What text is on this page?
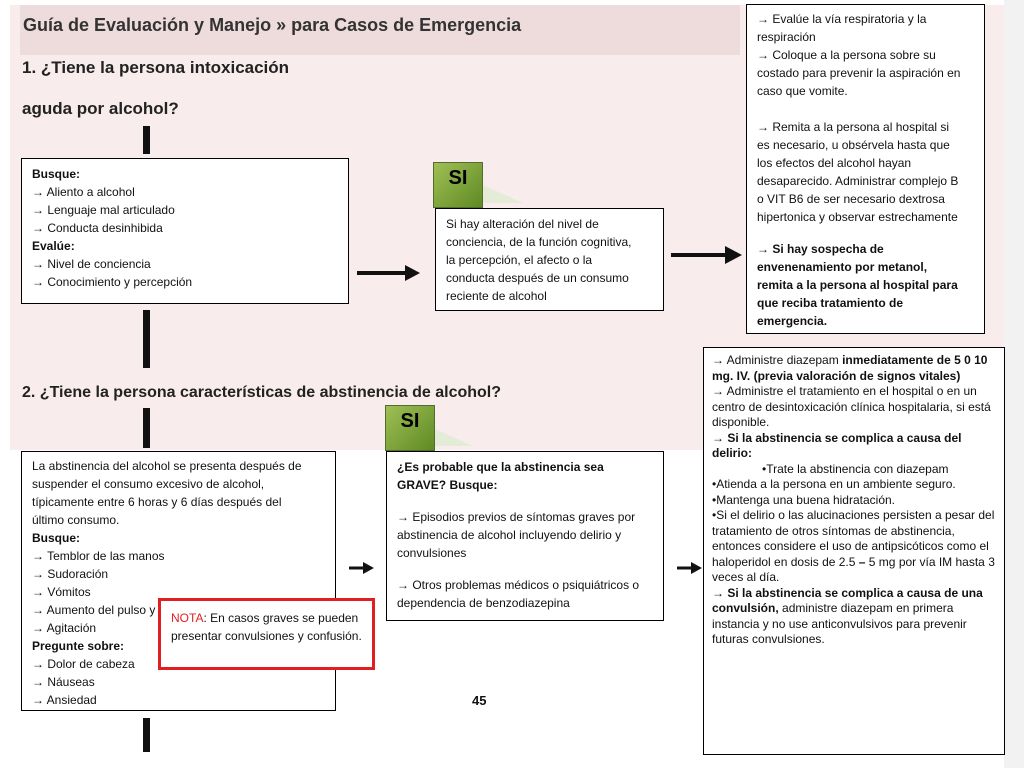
Guía de Evaluación y Manejo » para Casos de Emergencia
1. ¿Tiene la persona intoxicación
aguda por alcohol?
Busque:
→ Aliento a alcohol
→ Lenguaje mal articulado
→ Conducta desinhibida
Evalúe:
→ Nivel de conciencia
→ Conocimiento y percepción
SI
Si hay alteración del nivel de
conciencia, de la función cognitiva,
la percepción, el afecto o la
conducta después de un consumo
reciente de alcohol
→ Evalúe la vía respiratoria y la
respiración
→ Coloque a la persona sobre su
costado para prevenir la aspiración en
caso que vomite.
→ Remita a la persona al hospital si
es necesario, u obsérvela hasta que
los efectos del alcohol hayan
desaparecido. Administrar complejo B
o VIT B6 de ser necesario dextrosa
hipertonica y observar estrechamente
→ Si hay sospecha de
envenenamiento por metanol,
remita a la persona al hospital para
que reciba tratamiento de
emergencia.
2. ¿Tiene la persona características de abstinencia de alcohol?
La abstinencia del alcohol se presenta después de
suspender el consumo excesivo de alcohol,
típicamente entre 6 horas y 6 días después del
último consumo.
Busque:
→ Temblor de las manos
→ Sudoración
→ Vómitos
→ Aumento del pulso y
→ Agitación
Pregunte sobre:
→ Dolor de cabeza
→ Náuseas
→ Ansiedad
NOTA: En casos graves se pueden presentar convulsiones y confusión.
SI
¿Es probable que la abstinencia sea
GRAVE? Busque:
→ Episodios previos de síntomas graves por
abstinencia de alcohol incluyendo delirio y
convulsiones
→ Otros problemas médicos o psiquiátricos o
dependencia de benzodiazepina
→ Administre diazepam inmediatamente de 5 0 10 mg. IV. (previa valoración de signos vitales)
→ Administre el tratamiento en el hospital o en un centro de desintoxicación clínica hospitalaria, si está disponible.
→ Si la abstinencia se complica a causa del delirio:
•Trate la abstinencia con diazepam
•Atienda a la persona en un ambiente seguro.
•Mantenga una buena hidratación.
•Si el delirio o las alucinaciones persisten a pesar del tratamiento de otros síntomas de abstinencia, entonces considere el uso de antipsicóticos como el haloperidol en dosis de 2.5 – 5 mg por vía IM hasta 3 veces al día.
→ Si la abstinencia se complica a causa de una convulsión, administre diazepam en primera instancia y no use anticonvulsivos para prevenir futuras convulsiones.
45
